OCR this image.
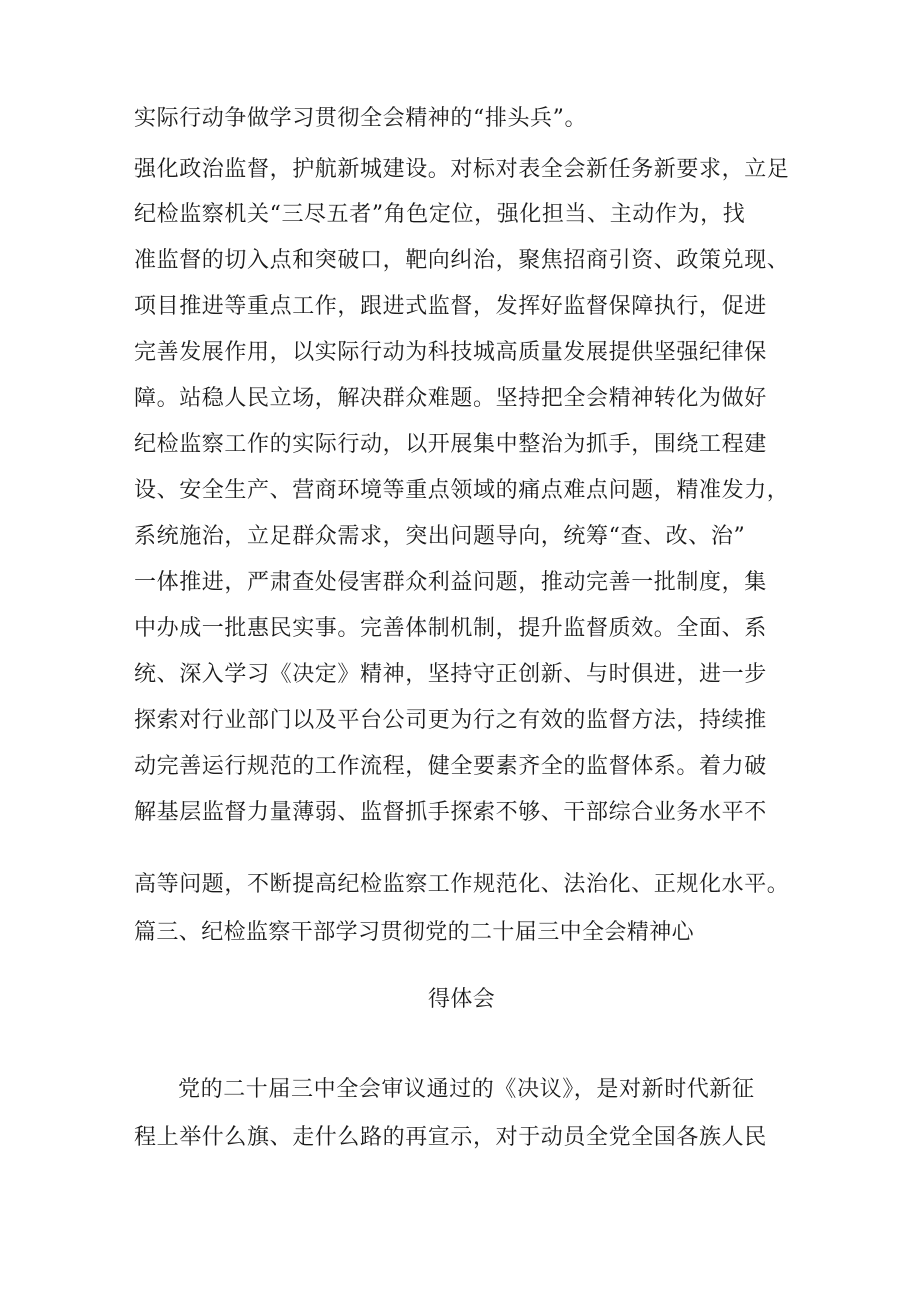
实际行动争做学习贯彻全会精神的“排头兵”。
强化政治监督，护航新城建设。对标对表全会新任务新要求，立足
纪检监察机关“三尽五者”角色定位，强化担当、主动作为，找
准监督的切入点和突破口，靶向纠治，聚焦招商引资、政策兑现、
项目推进等重点工作，跟进式监督，发挥好监督保障执行，促进
完善发展作用，以实际行动为科技城高质量发展提供坚强纪律保
障。站稳人民立场，解决群众难题。坚持把全会精神转化为做好
纪检监察工作的实际行动，以开展集中整治为抓手，围绕工程建
设、安全生产、营商环境等重点领域的痛点难点问题，精准发力，
系统施治，立足群众需求，突出问题导向，统筹“查、改、治”
一体推进，严肃查处侵害群众利益问题，推动完善一批制度，集
中办成一批惠民实事。完善体制机制，提升监督质效。全面、系
统、深入学习《决定》精神，坚持守正创新、与时俱进，进一步
探索对行业部门以及平台公司更为行之有效的监督方法，持续推
动完善运行规范的工作流程，健全要素齐全的监督体系。着力破
解基层监督力量薄弱、监督抓手探索不够、干部综合业务水平不
高等问题，不断提高纪检监察工作规范化、法治化、正规化水平。
篇三、纪检监察干部学习贯彻党的二十届三中全会精神心
得体会
党的二十届三中全会审议通过的《决议》，是对新时代新征
程上举什么旗、走什么路的再宣示，对于动员全党全国各族人民
